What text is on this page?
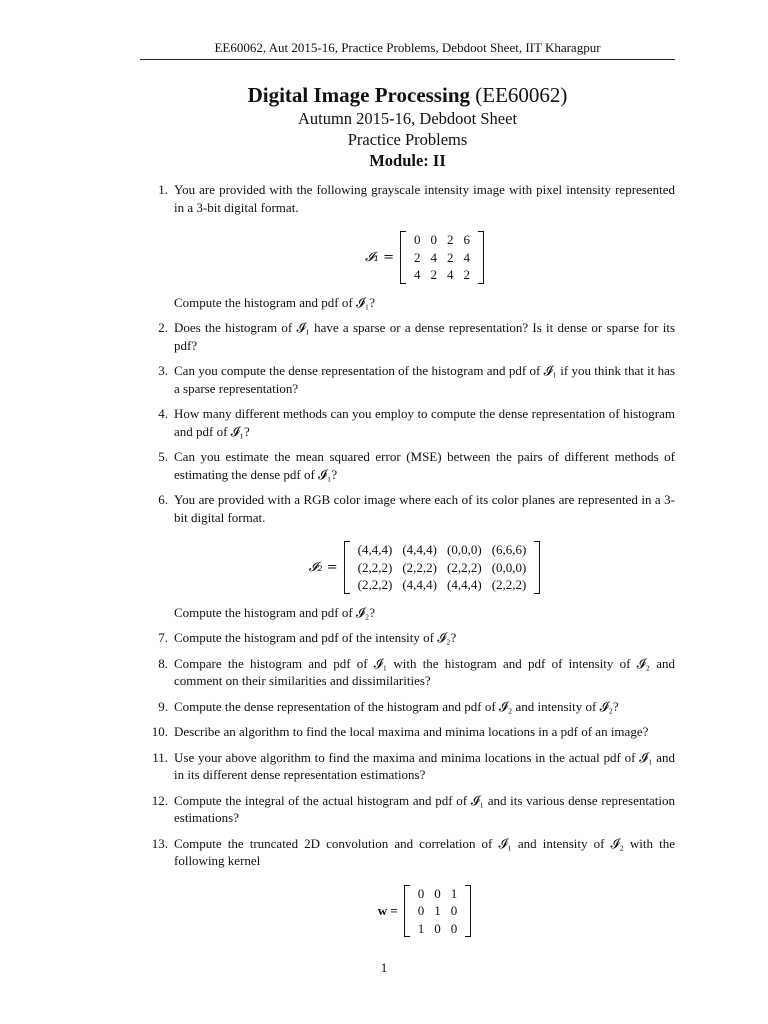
EE60062, Aut 2015-16, Practice Problems, Debdoot Sheet, IIT Kharagpur

Digital Image Processing (EE60062)

Autumn 2015-16, Debdoot Sheet

Practice Problems

Module: II

1. You are provided with the following grayscale intensity image with pixel intensity represented in a 3-bit digital format.
𝓘₁ =
0	0	2	6
2	4	2	4
4	2	4	2
Compute the histogram and pdf of 𝓘₁?
2. Does the histogram of 𝓘₁ have a sparse or a dense representation? Is it dense or sparse for its pdf?
3. Can you compute the dense representation of the histogram and pdf of 𝓘₁ if you think that it has a sparse representation?
4. How many different methods can you employ to compute the dense representation of histogram and pdf of 𝓘₁?
5. Can you estimate the mean squared error (MSE) between the pairs of different methods of estimating the dense pdf of 𝓘₁?
6. You are provided with a RGB color image where each of its color planes are represented in a 3-bit digital format.
𝓘₂ =
(4,4,4)	(4,4,4)	(0,0,0)	(6,6,6)
(2,2,2)	(2,2,2)	(2,2,2)	(0,0,0)
(2,2,2)	(4,4,4)	(4,4,4)	(2,2,2)
Compute the histogram and pdf of 𝓘₂?
7. Compute the histogram and pdf of the intensity of 𝓘₂?
8. Compare the histogram and pdf of 𝓘₁ with the histogram and pdf of intensity of 𝓘₂ and comment on their similarities and dissimilarities?
9. Compute the dense representation of the histogram and pdf of 𝓘₂ and intensity of 𝓘₂?
10. Describe an algorithm to find the local maxima and minima locations in a pdf of an image?
11. Use your above algorithm to find the maxima and minima locations in the actual pdf of 𝓘₁ and in its different dense representation estimations?
12. Compute the integral of the actual histogram and pdf of 𝓘₁ and its various dense representation estimations?
13. Compute the truncated 2D convolution and correlation of 𝓘₁ and intensity of 𝓘₂ with the following kernel
w =
0	0	1
0	1	0
1	0	0
1
